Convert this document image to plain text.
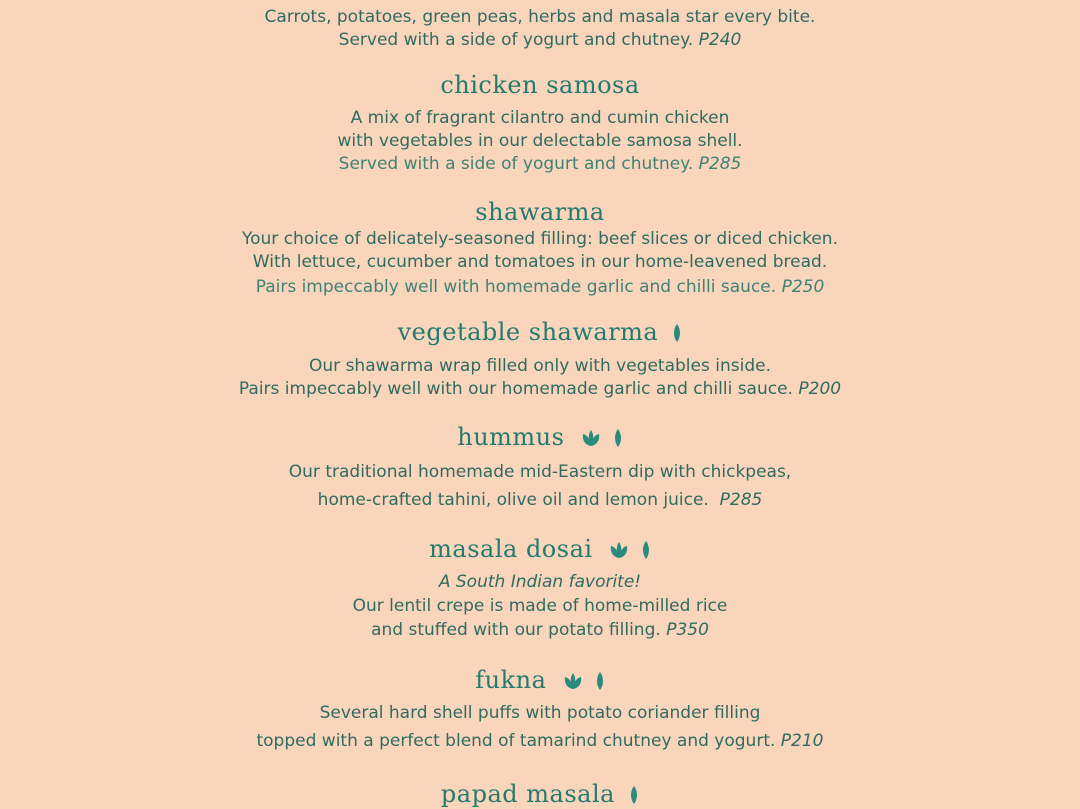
Carrots, potatoes, green peas, herbs and masala star every bite.
Served with a side of yogurt and chutney. P240
chicken samosa
A mix of fragrant cilantro and cumin chicken
with vegetables in our delectable samosa shell.
Served with a side of yogurt and chutney. P285
shawarma
Your choice of delicately-seasoned filling: beef slices or diced chicken.
With lettuce, cucumber and tomatoes in our home-leavened bread.
Pairs impeccably well with homemade garlic and chilli sauce. P250
vegetable shawarma
Our shawarma wrap filled only with vegetables inside.
Pairs impeccably well with our homemade garlic and chilli sauce. P200
hummus
Our traditional homemade mid-Eastern dip with chickpeas,
home-crafted tahini, olive oil and lemon juice. P285
masala dosai
A South Indian favorite!
Our lentil crepe is made of home-milled rice
and stuffed with our potato filling. P350
fukna
Several hard shell puffs with potato coriander filling
topped with a perfect blend of tamarind chutney and yogurt. P210
papad masala
